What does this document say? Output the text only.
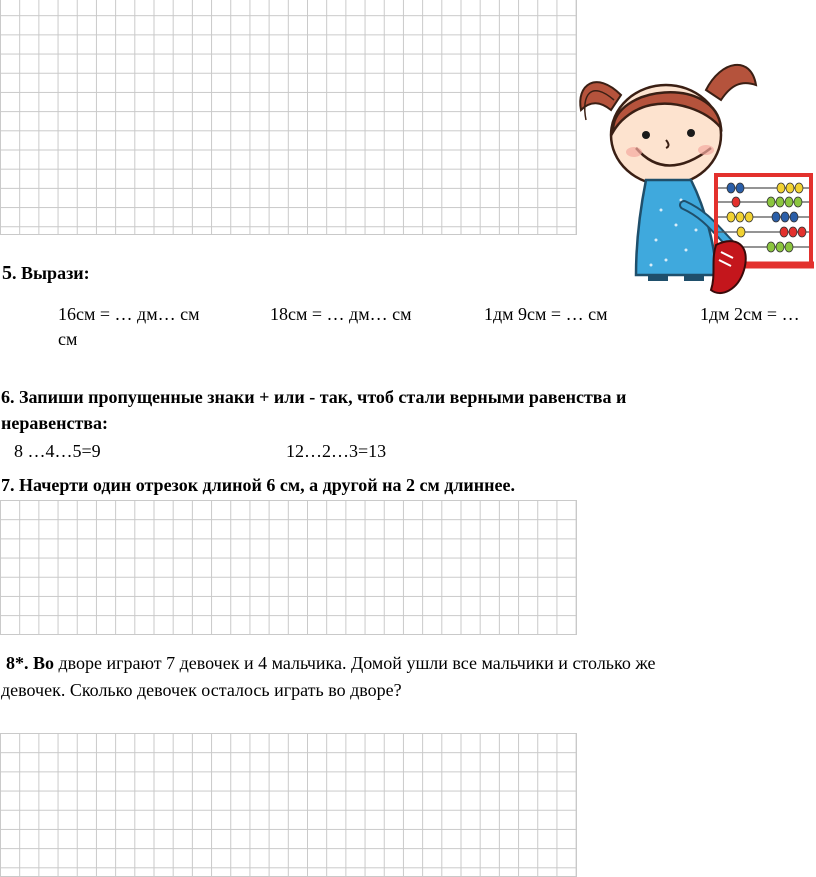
5. Вырази:
16см = … дм… см	18см = … дм… см	1дм 9см = … см	1дм 2см = …
см
6. Запиши пропущенные знаки + или - так, чтоб стали верными равенства и
неравенства:
8 …4…5=9	12…2…3=13
7. Начерти один отрезок длиной 6 см, а другой на 2 см длиннее.
8*. Во дворе играют 7 девочек и 4 мальчика. Домой ушли все мальчики и столько же
девочек. Сколько девочек осталось играть во дворе?
